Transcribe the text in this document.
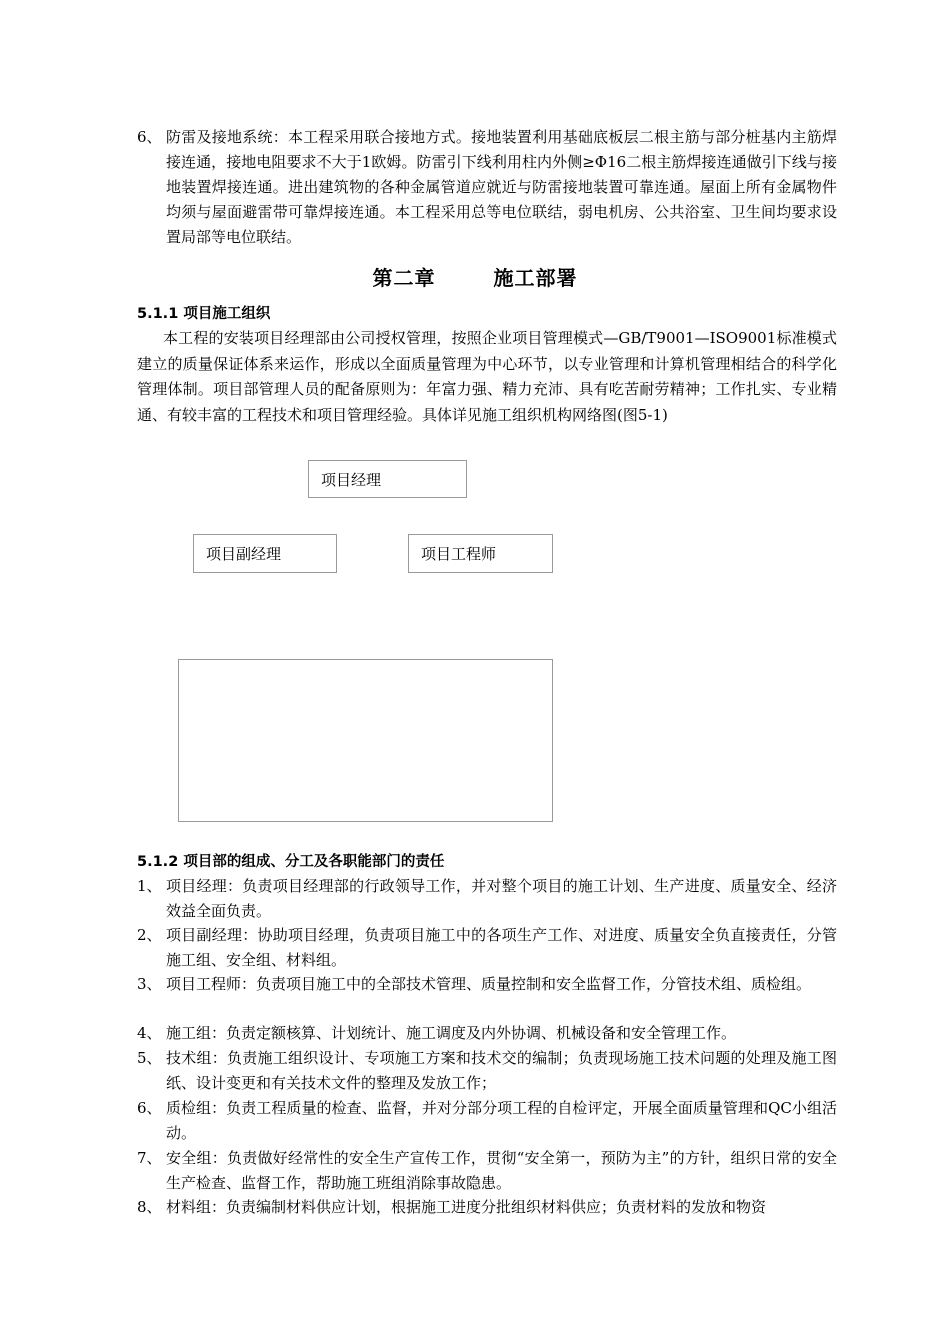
6、 防雷及接地系统：本工程采用联合接地方式。接地装置利用基础底板层二根主筋与部分桩基内主筋焊接连通，接地电阻要求不大于1欧姆。防雷引下线利用柱内外侧≥Φ16二根主筋焊接连通做引下线与接地装置焊接连通。进出建筑物的各种金属管道应就近与防雷接地装置可靠连通。屋面上所有金属物件均须与屋面避雷带可靠焊接连通。本工程采用总等电位联结，弱电机房、公共浴室、卫生间均要求设置局部等电位联结。
第二章	施工部署
5.1.1 项目施工组织
本工程的安装项目经理部由公司授权管理，按照企业项目管理模式—GB/T9001—ISO9001标准模式建立的质量保证体系来运作，形成以全面质量管理为中心环节，以专业管理和计算机管理相结合的科学化管理体制。项目部管理人员的配备原则为：年富力强、精力充沛、具有吃苦耐劳精神；工作扎实、专业精通、有较丰富的工程技术和项目管理经验。具体详见施工组织机构网络图(图5-1)
项目经理
项目副经理	项目工程师
5.1.2 项目部的组成、分工及各职能部门的责任
1、 项目经理：负责项目经理部的行政领导工作，并对整个项目的施工计划、生产进度、质量安全、经济效益全面负责。
2、 项目副经理：协助项目经理，负责项目施工中的各项生产工作、对进度、质量安全负直接责任，分管施工组、安全组、材料组。
3、 项目工程师：负责项目施工中的全部技术管理、质量控制和安全监督工作，分管技术组、质检组。
4、 施工组：负责定额核算、计划统计、施工调度及内外协调、机械设备和安全管理工作。
5、 技术组：负责施工组织设计、专项施工方案和技术交的编制；负责现场施工技术问题的处理及施工图纸、设计变更和有关技术文件的整理及发放工作；
6、 质检组：负责工程质量的检查、监督，并对分部分项工程的自检评定，开展全面质量管理和QC小组活动。
7、 安全组：负责做好经常性的安全生产宣传工作，贯彻“安全第一，预防为主”的方针，组织日常的安全生产检查、监督工作，帮助施工班组消除事故隐患。
8、 材料组：负责编制材料供应计划，根据施工进度分批组织材料供应；负责材料的发放和物资
